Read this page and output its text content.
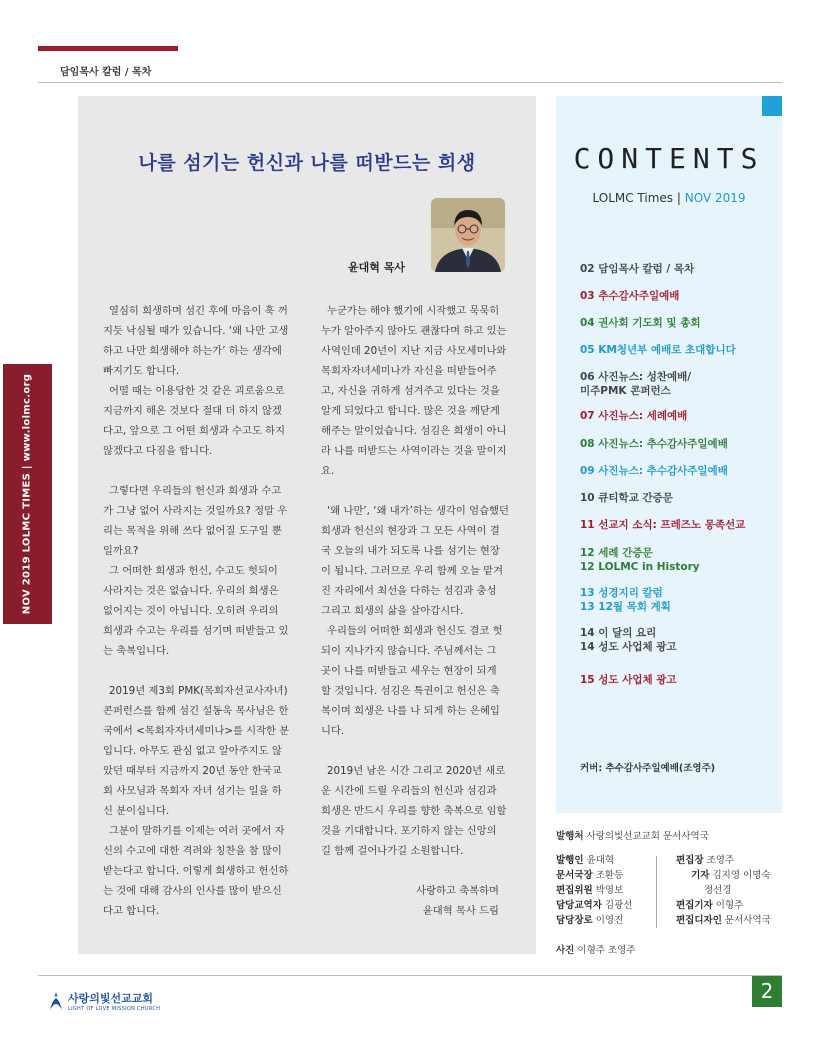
담임목사 칼럼 / 목차
NOV 2019 LOLMC TIMES | www.lolmc.org
나를 섬기는 헌신과 나를 떠받드는 희생
윤대혁 목사

열심히 희생하며 섬긴 후에 마음이 훅 꺼지듯 낙심될 때가 있습니다. ‘왜 나만 고생하고 나만 희생해야 하는가’ 하는 생각에 빠지기도 합니다.

어떨 때는 이용당한 것 같은 괴로움으로 지금까지 해온 것보다 절대 더 하지 않겠다고, 앞으로 그 어떤 희생과 수고도 하지 않겠다고 다짐을 합니다.

그렇다면 우리들의 헌신과 희생과 수고가 그냥 없어 사라지는 것일까요? 정말 우리는 목적을 위해 쓰다 없어질 도구일 뿐일까요?

그 어떠한 희생과 헌신, 수고도 헛되이 사라지는 것은 없습니다. 우리의 희생은 없어지는 것이 아닙니다. 오히려 우리의 희생과 수고는 우리를 섬기며 떠받들고 있는 축복입니다.

2019년 제3회 PMK(목회자선교사자녀) 콘퍼런스를 함께 섬긴 설동욱 목사님은 한국에서 <목회자자녀세미나>를 시작한 분입니다. 아무도 관심 없고 알아주지도 않았던 때부터 지금까지 20년 동안 한국교회 사모님과 목회자 자녀 섬기는 일을 하신 분이십니다.

그분이 말하기를 이제는 여러 곳에서 자신의 수고에 대한 격려와 칭찬을 참 많이 받는다고 합니다. 이렇게 희생하고 헌신하는 것에 대해 감사의 인사를 많이 받으신다고 합니다.

누군가는 해야 했기에 시작했고 묵묵히 누가 알아주지 않아도 괜찮다며 하고 있는 사역인데 20년이 지난 지금 사모세미나와 목회자자녀세미나가 자신을 떠받들어주고, 자신을 귀하게 섬겨주고 있다는 것을 알게 되었다고 합니다. 많은 것을 깨닫게 해주는 말이었습니다. 섬김은 희생이 아니라 나를 떠받드는 사역이라는 것을 말이지요.

‘왜 나만’, ‘왜 내가’하는 생각이 엄습했던 희생과 헌신의 현장과 그 모든 사역이 결국 오늘의 내가 되도록 나를 섬기는 현장이 됩니다. 그러므로 우리 함께 오늘 맡겨진 자리에서 최선을 다하는 섬김과 충성 그리고 희생의 삶을 살아갑시다.

우리들의 어떠한 희생과 헌신도 결코 헛되이 지나가지 않습니다. 주님께서는 그 곳이 나를 떠받들고 세우는 현장이 되게 할 것입니다. 섬김은 특권이고 헌신은 축복이며 희생은 나를 나 되게 하는 은혜입니다.

2019년 남은 시간 그리고 2020년 새로운 시간에 드릴 우리들의 헌신과 섬김과 희생은 반드시 우리를 향한 축복으로 임할 것을 기대합니다. 포기하지 않는 신앙의 길 함께 걸어나가길 소원합니다.

사랑하고 축복하며
윤대혁 목사 드림
CONTENTS
LOLMC Times | NOV 2019
02 담임목사 칼럼 / 목차
03 추수감사주일예배
04 권사회 기도회 및 총회
05 KM청년부 예배로 초대합니다
06 사진뉴스: 성찬예배/
미주PMK 콘퍼런스
07 사진뉴스: 세례예배
08 사진뉴스: 추수감사주일예배
09 사진뉴스: 추수감사주일예배
10 큐티학교 간증문
11 선교지 소식: 프레즈노 몽족선교
12 세례 간증문
12 LOLMC in History
13 성경지리 칼럼
13 12월 목회 계획
14 이 달의 요리
14 성도 사업체 광고
15 성도 사업체 광고
커버: 추수감사주일예배(조영주)
발행처 사랑의빛선교교회 문서사역국
발행인 윤대혁
문서국장 조환등
편집위원 박영보
담당교역자 김광선
담당장로 이영진
편집장 조영주
기자 김지영 이명숙
정선경
편집기자 이형주
편집디자인 문서사역국
사진 이형주 조영주
사랑의빛선교교회
LIGHT OF LOVE MISSION CHURCH
2
